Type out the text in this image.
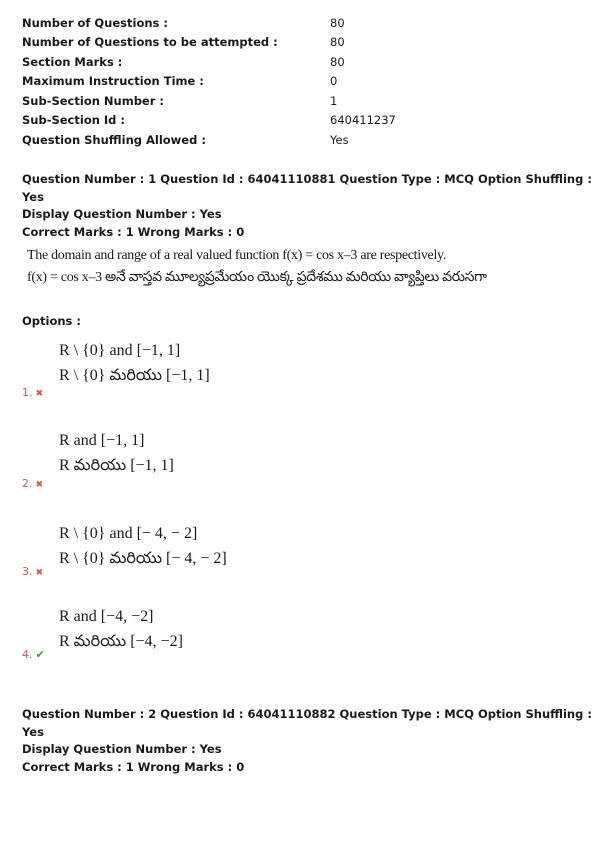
Number of Questions :	80
Number of Questions to be attempted :	80
Section Marks :	80
Maximum Instruction Time :	0
Sub-Section Number :	1
Sub-Section Id :	640411237
Question Shuffling Allowed :	Yes
Question Number : 1 Question Id : 64041110881 Question Type : MCQ Option Shuffling : Yes
Display Question Number : Yes
Correct Marks : 1 Wrong Marks : 0
The domain and range of a real valued function f(x) = cos x–3 are respectively.
f(x) = cos x–3 అనే వాస్తవ మూల్యప్రమేయం యొక్క ప్రదేశము మరియు వ్యాప్తిలు వరుసగా
Options :
R \ {0} and [−1, 1]
R \ {0} మరియు [−1, 1]
1. ✖
R and [−1, 1]
R మరియు [−1, 1]
2. ✖
R \ {0} and [− 4, − 2]
R \ {0} మరియు [− 4, − 2]
3. ✖
R and [−4, −2]
R మరియు [−4, −2]
4. ✔
Question Number : 2 Question Id : 64041110882 Question Type : MCQ Option Shuffling : Yes
Display Question Number : Yes
Correct Marks : 1 Wrong Marks : 0
